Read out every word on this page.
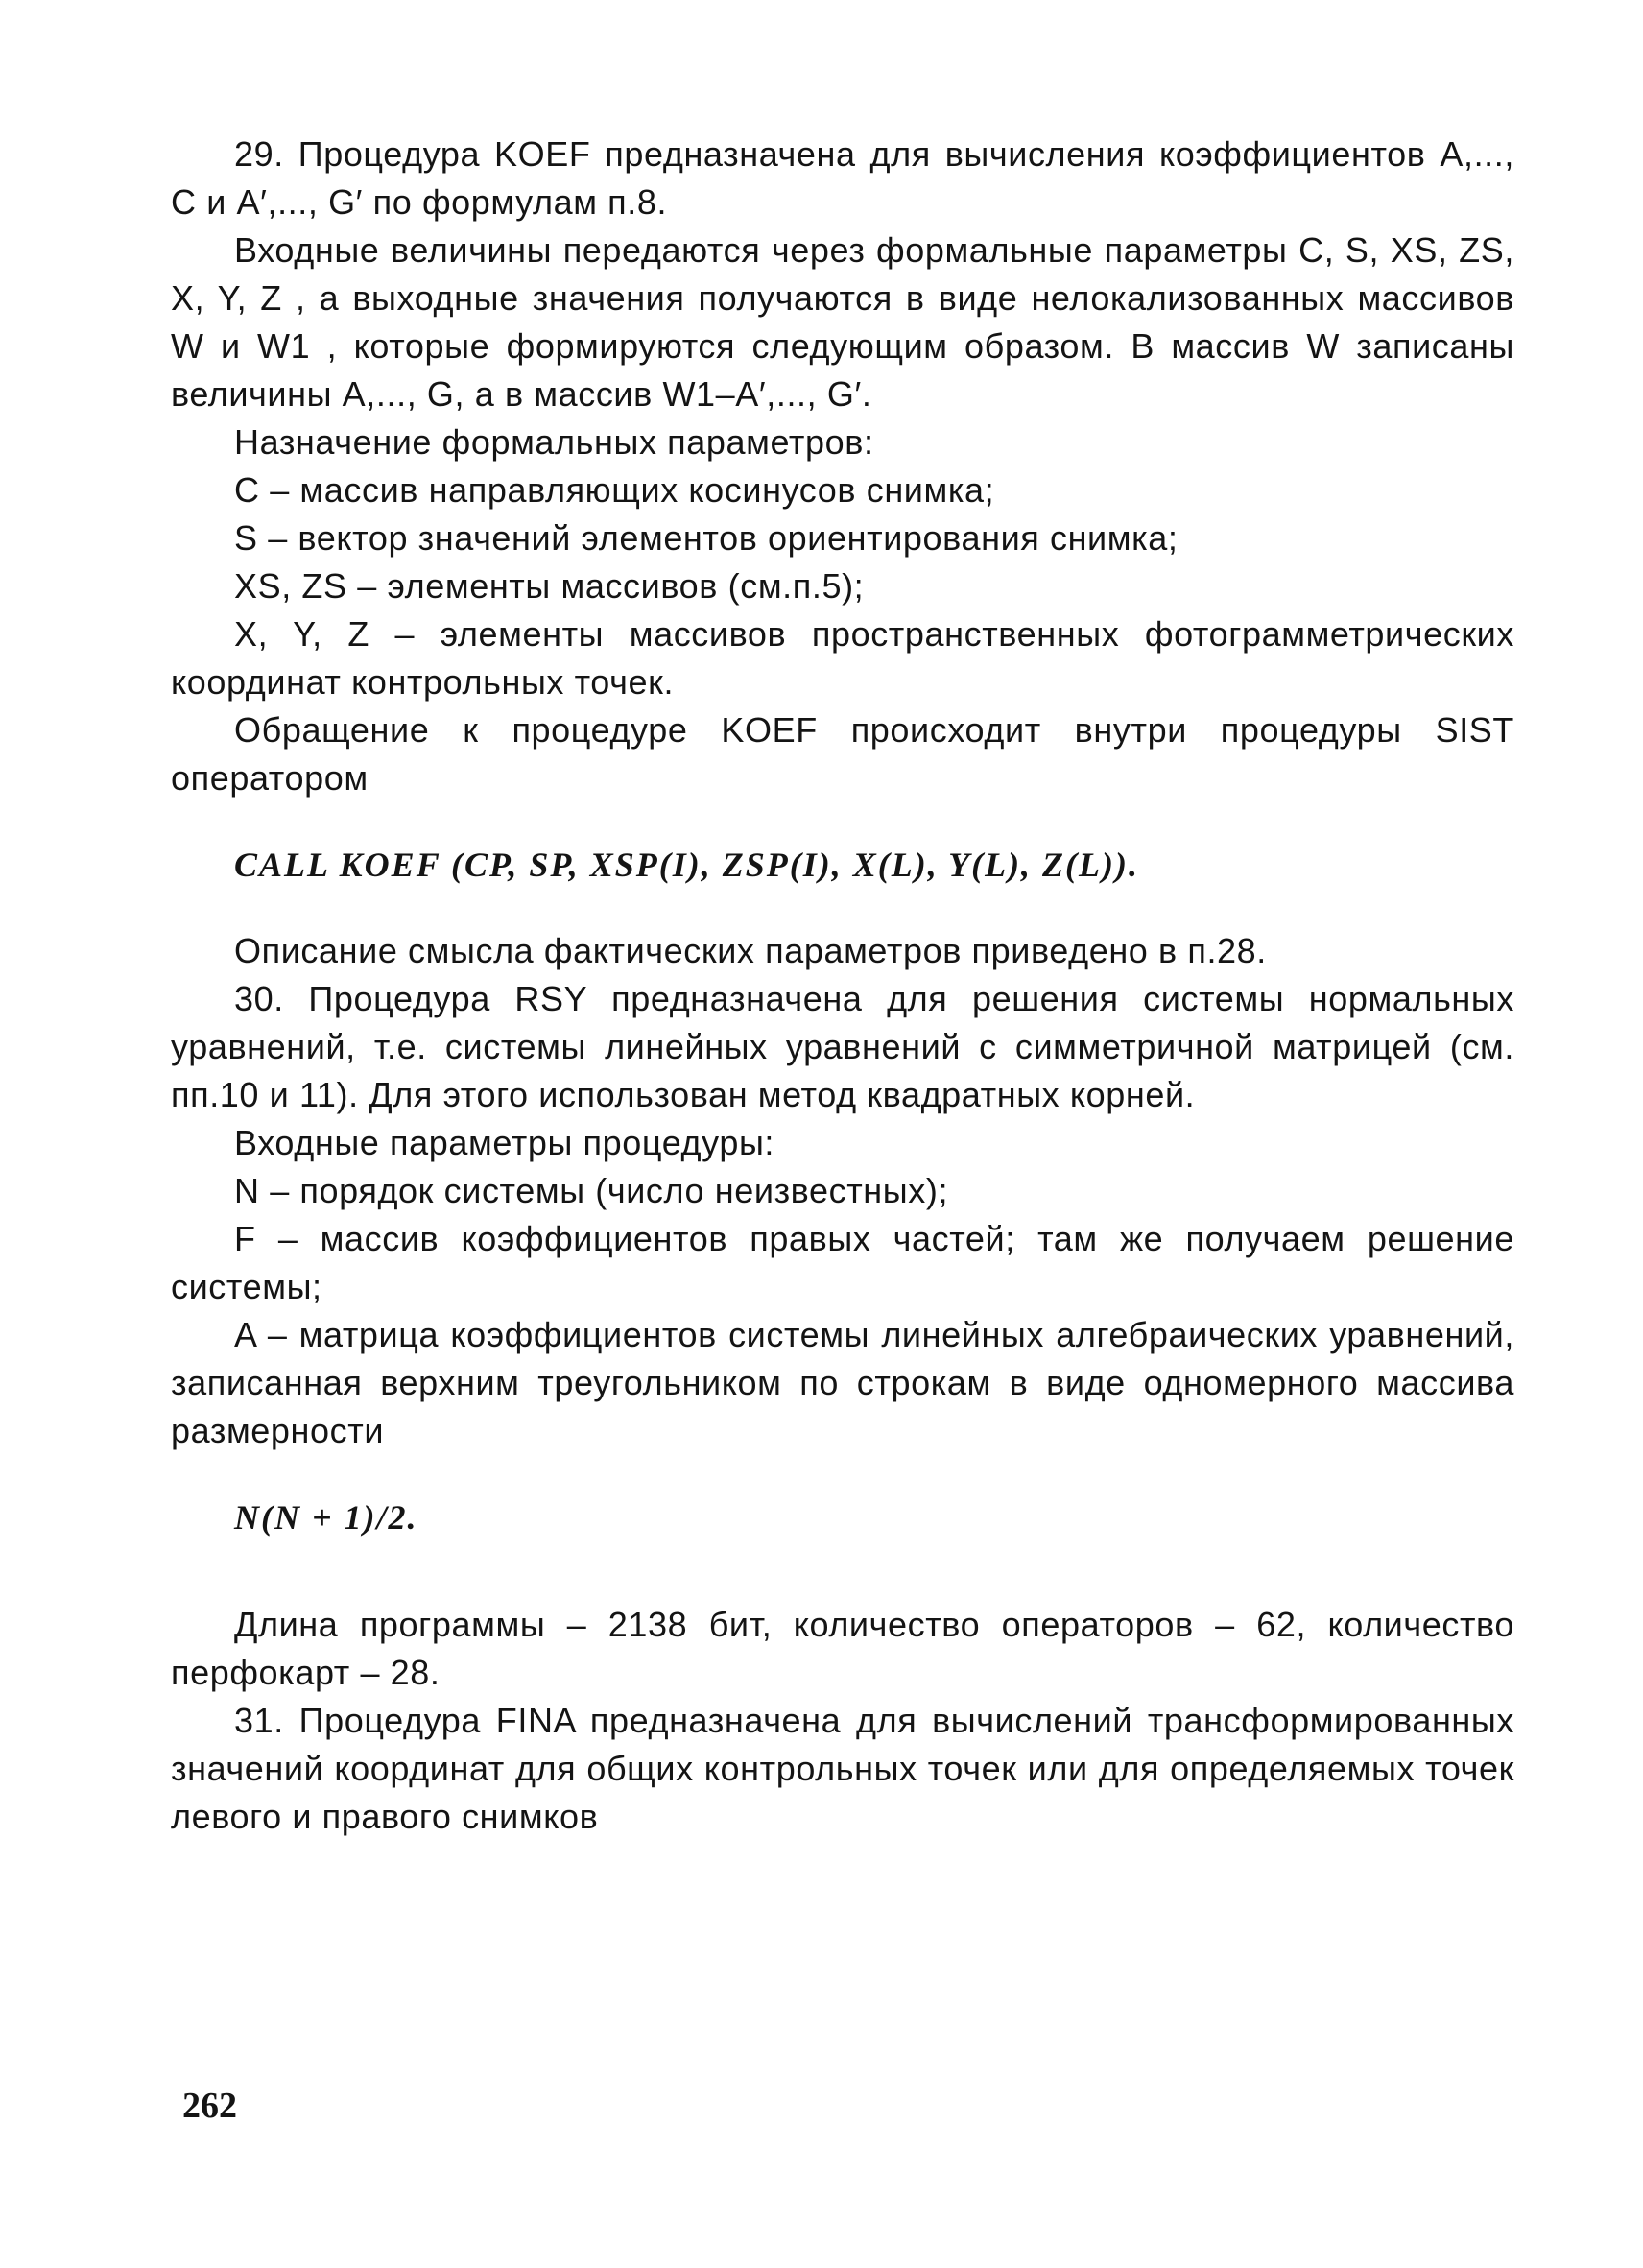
29. Процедура KOEF предназначена для вычисления коэффициентов A,..., C и A′,..., G′ по формулам п.8.

Входные величины передаются через формальные параметры C, S, XS, ZS, X, Y, Z , а выходные значения получаются в виде нелокализованных массивов W и W1 , которые формируются следующим образом. В массив W записаны величины A,..., G, а в массив W1–A′,..., G′.

Назначение формальных параметров:

C – массив направляющих косинусов снимка;

S – вектор значений элементов ориентирования снимка;

XS, ZS – элементы массивов (см.п.5);

X, Y, Z – элементы массивов пространственных фотограмметрических координат контрольных точек.

Обращение к процедуре KOEF происходит внутри процедуры SIST оператором

CALL KOEF (CP, SP, XSP(I), ZSP(I), X(L), Y(L), Z(L)).

Описание смысла фактических параметров приведено в п.28.

30. Процедура RSY предназначена для решения системы нормальных уравнений, т.е. системы линейных уравнений с симметричной матрицей (см. пп.10 и 11). Для этого использован метод квадратных корней.

Входные параметры процедуры:

N – порядок системы (число неизвестных);

F – массив коэффициентов правых частей; там же получаем решение системы;

A – матрица коэффициентов системы линейных алгебраических уравнений, записанная верхним треугольником по строкам в виде одномерного массива размерности

N(N + 1)/2.

Длина программы – 2138 бит, количество операторов – 62, количество перфокарт – 28.

31. Процедура FINA предназначена для вычислений трансформированных значений координат для общих контрольных точек или для определяемых точек левого и правого снимков

262
